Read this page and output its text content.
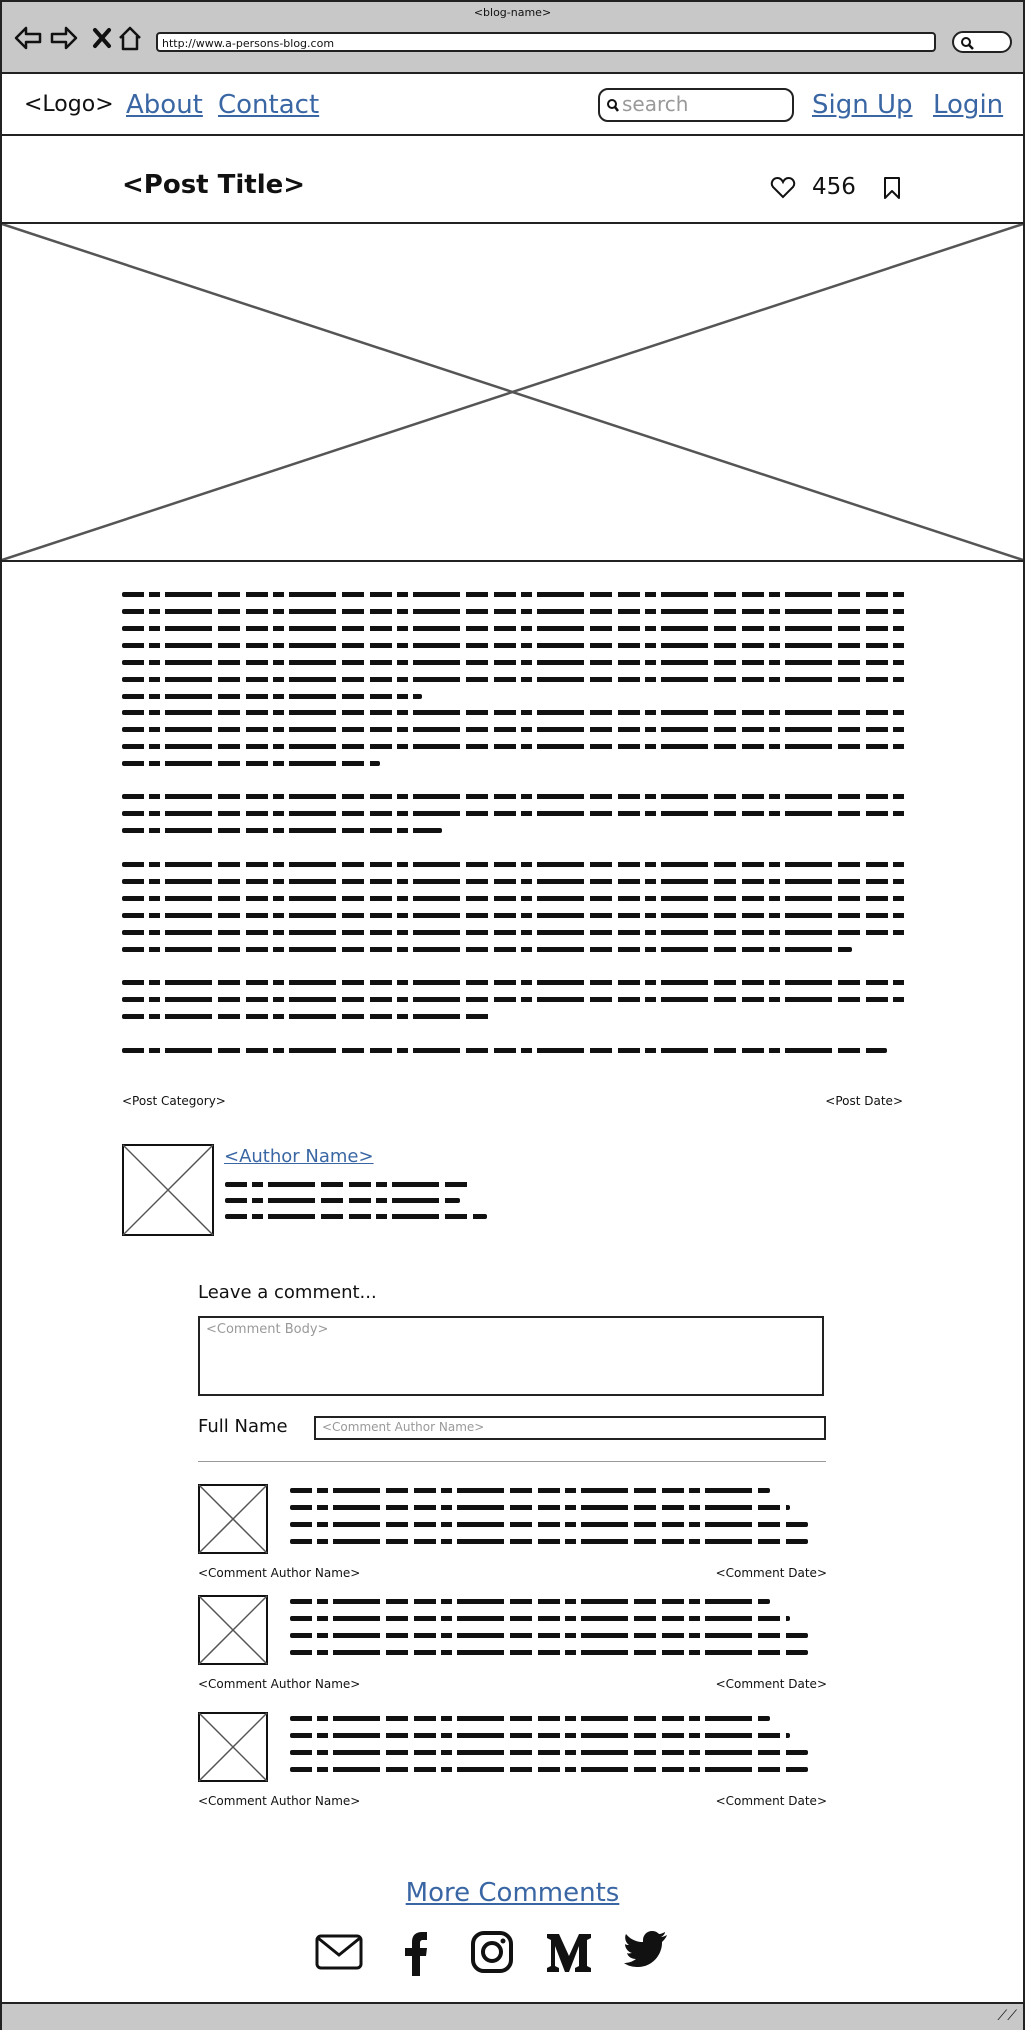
<blog-name>
http://www.a-persons-blog.com
<Logo> About Contact	search	Sign Up Login
<Post Title>	456
<Post Category>	<Post Date>
<Author Name>
Leave a comment...
<Comment Body>
Full Name	<Comment Author Name>
<Comment Author Name>	<Comment Date>
<Comment Author Name>	<Comment Date>
<Comment Author Name>	<Comment Date>
More Comments
⟋⟋
